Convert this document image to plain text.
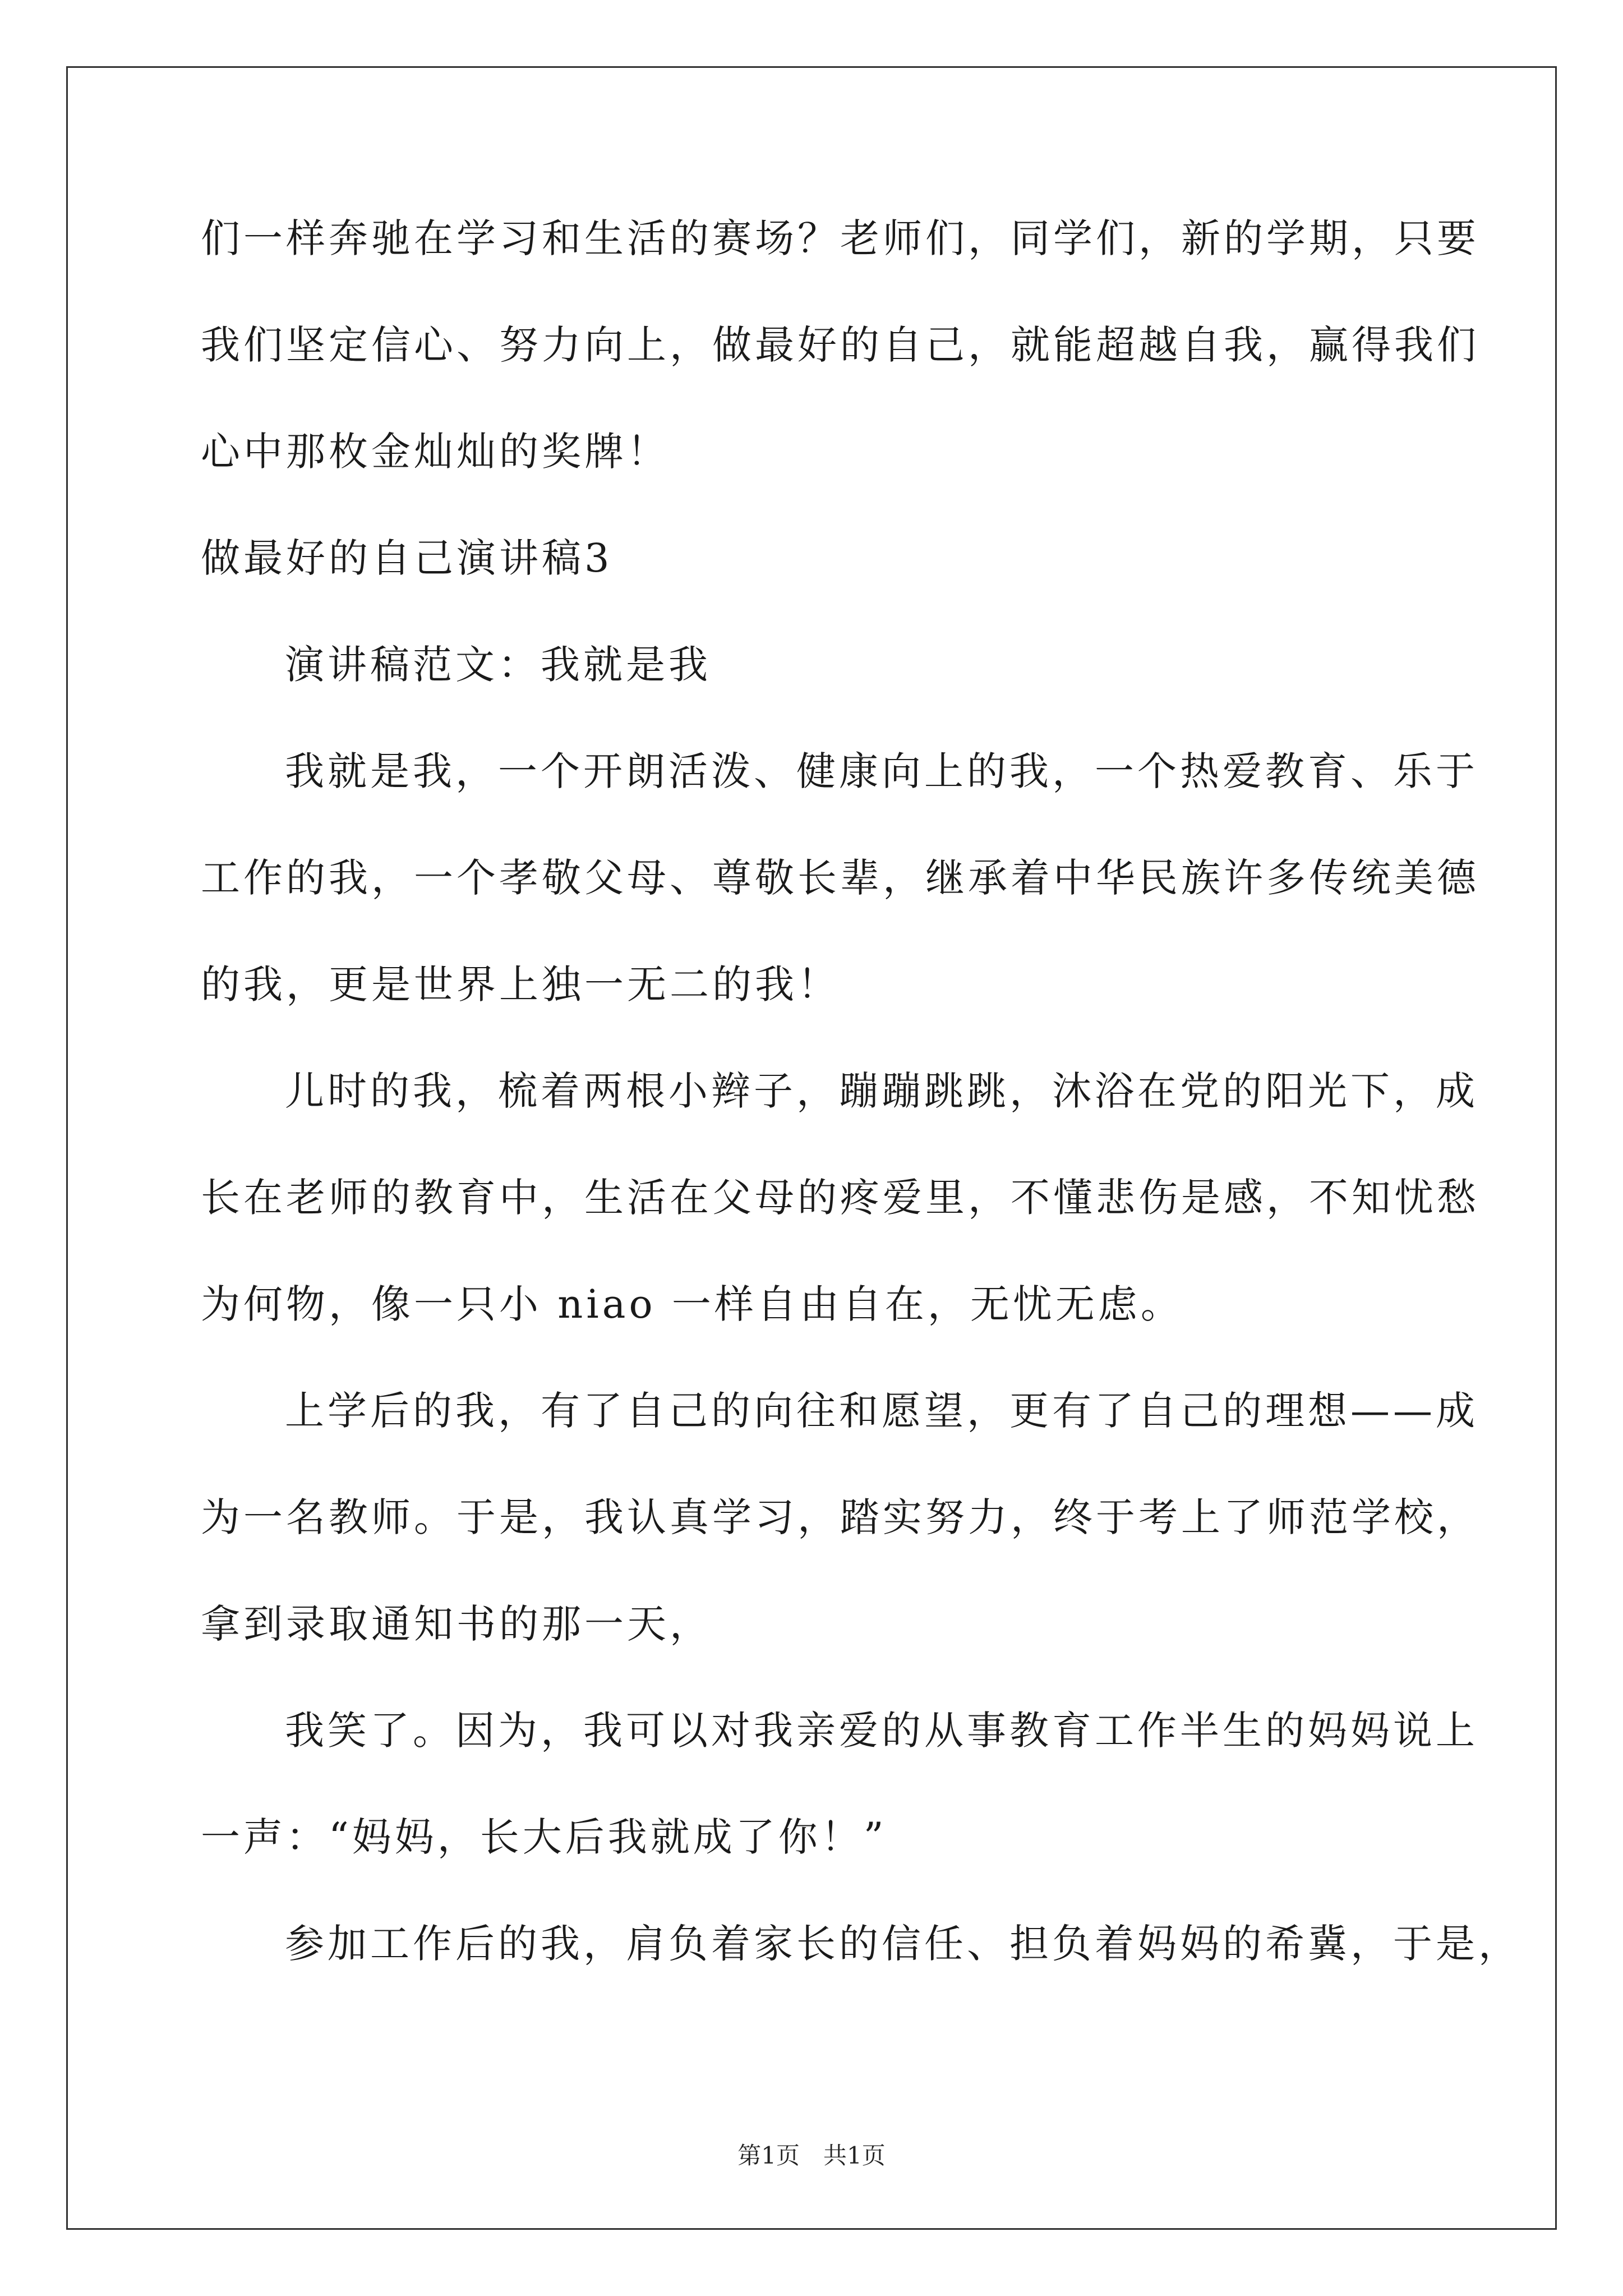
们一样奔驰在学习和生活的赛场？老师们，同学们，新的学期，只要
我们坚定信心、努力向上，做最好的自己，就能超越自我，赢得我们
心中那枚金灿灿的奖牌！
做最好的自己演讲稿3
演讲稿范文：我就是我
我就是我，一个开朗活泼、健康向上的我，一个热爱教育、乐于
工作的我，一个孝敬父母、尊敬长辈，继承着中华民族许多传统美德
的我，更是世界上独一无二的我！
儿时的我，梳着两根小辫子，蹦蹦跳跳，沐浴在党的阳光下，成
长在老师的教育中，生活在父母的疼爱里，不懂悲伤是感，不知忧愁
为何物，像一只小 niao 一样自由自在，无忧无虑。
上学后的我，有了自己的向往和愿望，更有了自己的理想——成
为一名教师。于是，我认真学习，踏实努力，终于考上了师范学校，
拿到录取通知书的那一天，
我笑了。因为，我可以对我亲爱的从事教育工作半生的妈妈说上
一声：“妈妈，长大后我就成了你！”
参加工作后的我，肩负着家长的信任、担负着妈妈的希冀，于是，
第1页　共1页
